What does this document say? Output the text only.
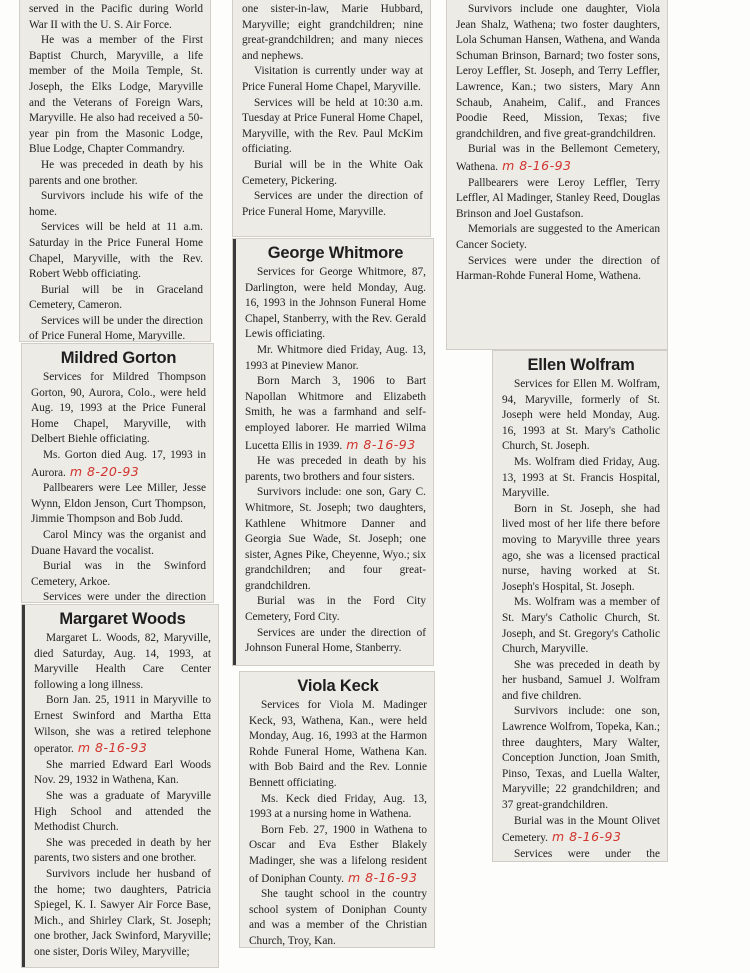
served in the Pacific during World War II with the U. S. Air Force.

He was a member of the First Baptist Church, Maryville, a life member of the Moila Temple, St. Joseph, the Elks Lodge, Maryville and the Veterans of Foreign Wars, Maryville. He also had received a 50-year pin from the Masonic Lodge, Blue Lodge, Chapter Commandry.

He was preceded in death by his parents and one brother.

Survivors include his wife of the home.

Services will be held at 11 a.m. Saturday in the Price Funeral Home Chapel, Maryville, with the Rev. Robert Webb officiating.

Burial will be in Graceland Cemetery, Cameron.

Services will be under the direction of Price Funeral Home, Maryville.

Mildred Gorton

Services for Mildred Thompson Gorton, 90, Aurora, Colo., were held Aug. 19, 1993 at the Price Funeral Home Chapel, Maryville, with Delbert Biehle officiating.

Ms. Gorton died Aug. 17, 1993 in Aurora. m 8-20-93

Pallbearers were Lee Miller, Jesse Wynn, Eldon Jenson, Curt Thompson, Jimmie Thompson and Bob Judd.

Carol Mincy was the organist and Duane Havard the vocalist.

Burial was in the Swinford Cemetery, Arkoe.

Services were under the direction

Margaret Woods

Margaret L. Woods, 82, Maryville, died Saturday, Aug. 14, 1993, at Maryville Health Care Center following a long illness.

Born Jan. 25, 1911 in Maryville to Ernest Swinford and Martha Etta Wilson, she was a retired telephone operator. m 8-16-93

She married Edward Earl Woods Nov. 29, 1932 in Wathena, Kan.

She was a graduate of Maryville High School and attended the Methodist Church.

She was preceded in death by her parents, two sisters and one brother.

Survivors include her husband of the home; two daughters, Patricia Spiegel, K. I. Sawyer Air Force Base, Mich., and Shirley Clark, St. Joseph; one brother, Jack Swinford, Maryville; one sister, Doris Wiley, Maryville;

one sister-in-law, Marie Hubbard, Maryville; eight grandchildren; nine great-grandchildren; and many nieces and nephews.

Visitation is currently under way at Price Funeral Home Chapel, Maryville.

Services will be held at 10:30 a.m. Tuesday at Price Funeral Home Chapel, Maryville, with the Rev. Paul McKim officiating.

Burial will be in the White Oak Cemetery, Pickering.

Services are under the direction of Price Funeral Home, Maryville.

George Whitmore

Services for George Whitmore, 87, Darlington, were held Monday, Aug. 16, 1993 in the Johnson Funeral Home Chapel, Stanberry, with the Rev. Gerald Lewis officiating.

Mr. Whitmore died Friday, Aug. 13, 1993 at Pineview Manor.

Born March 3, 1906 to Bart Napollan Whitmore and Elizabeth Smith, he was a farmhand and self-employed laborer. He married Wilma Lucetta Ellis in 1939. m 8-16-93

He was preceded in death by his parents, two brothers and four sisters.

Survivors include: one son, Gary C. Whitmore, St. Joseph; two daughters, Kathlene Whitmore Danner and Georgia Sue Wade, St. Joseph; one sister, Agnes Pike, Cheyenne, Wyo.; six grandchildren; and four great-grandchildren.

Burial was in the Ford City Cemetery, Ford City.

Services are under the direction of Johnson Funeral Home, Stanberry.

Viola Keck

Services for Viola M. Madinger Keck, 93, Wathena, Kan., were held Monday, Aug. 16, 1993 at the Harmon Rohde Funeral Home, Wathena Kan. with Bob Baird and the Rev. Lonnie Bennett officiating.

Ms. Keck died Friday, Aug. 13, 1993 at a nursing home in Wathena.

Born Feb. 27, 1900 in Wathena to Oscar and Eva Esther Blakely Madinger, she was a lifelong resident of Doniphan County. m 8-16-93

She taught school in the country school system of Doniphan County and was a member of the Christian Church, Troy, Kan.

Survivors include one daughter, Viola Jean Shalz, Wathena; two foster daughters, Lola Schuman Hansen, Wathena, and Wanda Schuman Brinson, Barnard; two foster sons, Leroy Leffler, St. Joseph, and Terry Leffler, Lawrence, Kan.; two sisters, Mary Ann Schaub, Anaheim, Calif., and Frances Poodie Reed, Mission, Texas; five grandchildren, and five great-grandchildren.

Burial was in the Bellemont Cemetery, Wathena. m 8-16-93

Pallbearers were Leroy Leffler, Terry Leffler, Al Madinger, Stanley Reed, Douglas Brinson and Joel Gustafson.

Memorials are suggested to the American Cancer Society.

Services were under the direction of Harman-Rohde Funeral Home, Wathena.

Ellen Wolfram

Services for Ellen M. Wolfram, 94, Maryville, formerly of St. Joseph were held Monday, Aug. 16, 1993 at St. Mary's Catholic Church, St. Joseph.

Ms. Wolfram died Friday, Aug. 13, 1993 at St. Francis Hospital, Maryville.

Born in St. Joseph, she had lived most of her life there before moving to Maryville three years ago, she was a licensed practical nurse, having worked at St. Joseph's Hospital, St. Joseph.

Ms. Wolfram was a member of St. Mary's Catholic Church, St. Joseph, and St. Gregory's Catholic Church, Maryville.

She was preceded in death by her husband, Samuel J. Wolfram and five children.

Survivors include: one son, Lawrence Wolfrom, Topeka, Kan.; three daughters, Mary Walter, Conception Junction, Joan Smith, Pinso, Texas, and Luella Walter, Maryville; 22 grandchildren; and 37 great-grandchildren.

Burial was in the Mount Olivet Cemetery. m 8-16-93

Services were under the
